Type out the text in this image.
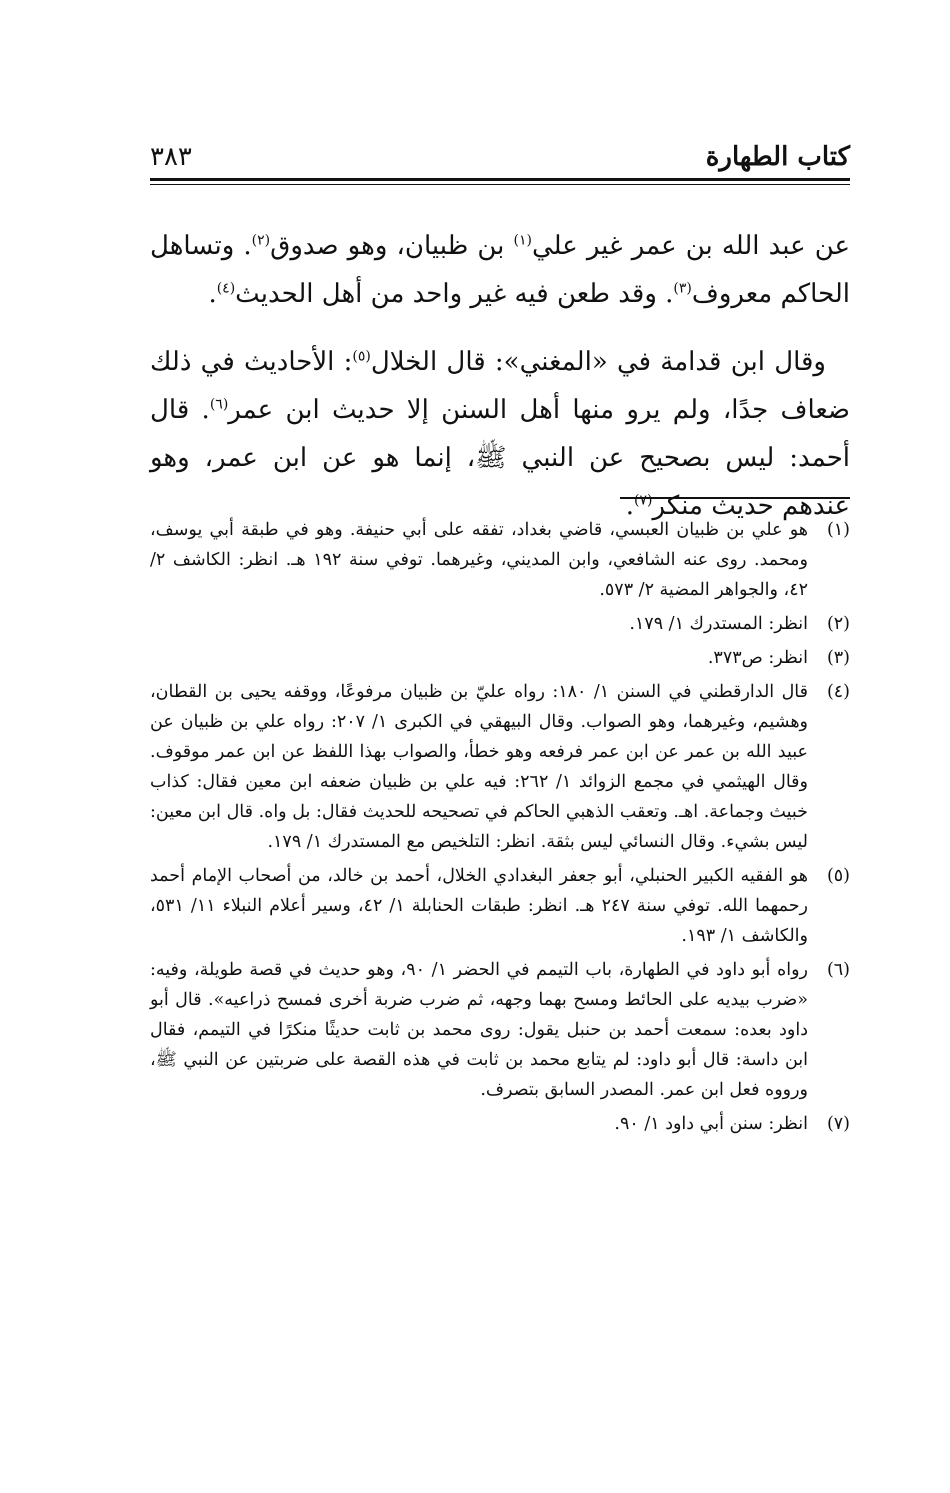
كتاب الطهارة
٣٨٣

عن عبد الله بن عمر غير علي$^{(١)}$ بن ظبيان، وهو صدوق$^{(٢)}$. وتساهل الحاكم معروف$^{(٣)}$. وقد طعن فيه غير واحد من أهل الحديث$^{(٤)}$.

وقال ابن قدامة في «المغني»: قال الخلال$^{(٥)}$: الأحاديث في ذلك ضعاف جدًا، ولم يرو منها أهل السنن إلا حديث ابن عمر$^{(٦)}$. قال أحمد: ليس بصحيح عن النبي ﷺ، إنما هو عن ابن عمر، وهو عندهم حديث منكر$^{(٧)}$.

(١)
هو علي بن ظبيان العبسي، قاضي بغداد، تفقه على أبي حنيفة. وهو في طبقة أبي يوسف، ومحمد. روى عنه الشافعي، وابن المديني، وغيرهما. توفي سنة ١٩٢ هـ. انظر: الكاشف ٢/ ٤٢، والجواهر المضية ٢/ ٥٧٣.
(٢)
انظر: المستدرك ١/ ١٧٩.
(٣)
انظر: ص٣٧٣.
(٤)
قال الدارقطني في السنن ١/ ١٨٠: رواه عليّ بن ظبيان مرفوعًا، ووقفه يحيى بن القطان، وهشيم، وغيرهما، وهو الصواب. وقال البيهقي في الكبرى ١/ ٢٠٧: رواه علي بن ظبيان عن عبيد الله بن عمر عن ابن عمر فرفعه وهو خطأ، والصواب بهذا اللفظ عن ابن عمر موقوف. وقال الهيثمي في مجمع الزوائد ١/ ٢٦٢: فيه علي بن ظبيان ضعفه ابن معين فقال: كذاب خبيث وجماعة. اهـ. وتعقب الذهبي الحاكم في تصحيحه للحديث فقال: بل واه. قال ابن معين: ليس بشيء. وقال النسائي ليس بثقة. انظر: التلخيص مع المستدرك ١/ ١٧٩.
(٥)
هو الفقيه الكبير الحنبلي، أبو جعفر البغدادي الخلال، أحمد بن خالد، من أصحاب الإمام أحمد رحمهما الله. توفي سنة ٢٤٧ هـ. انظر: طبقات الحنابلة ١/ ٤٢، وسير أعلام النبلاء ١١/ ٥٣١، والكاشف ١/ ١٩٣.
(٦)
رواه أبو داود في الطهارة، باب التيمم في الحضر ١/ ٩٠، وهو حديث في قصة طويلة، وفيه: «ضرب بيديه على الحائط ومسح بهما وجهه، ثم ضرب ضربة أخرى فمسح ذراعيه». قال أبو داود بعده: سمعت أحمد بن حنبل يقول: روى محمد بن ثابت حديثًا منكرًا في التيمم، فقال ابن داسة: قال أبو داود: لم يتابع محمد بن ثابت في هذه القصة على ضربتين عن النبي ﷺ، ورووه فعل ابن عمر. المصدر السابق بتصرف.
(٧)
انظر: سنن أبي داود ١/ ٩٠.
